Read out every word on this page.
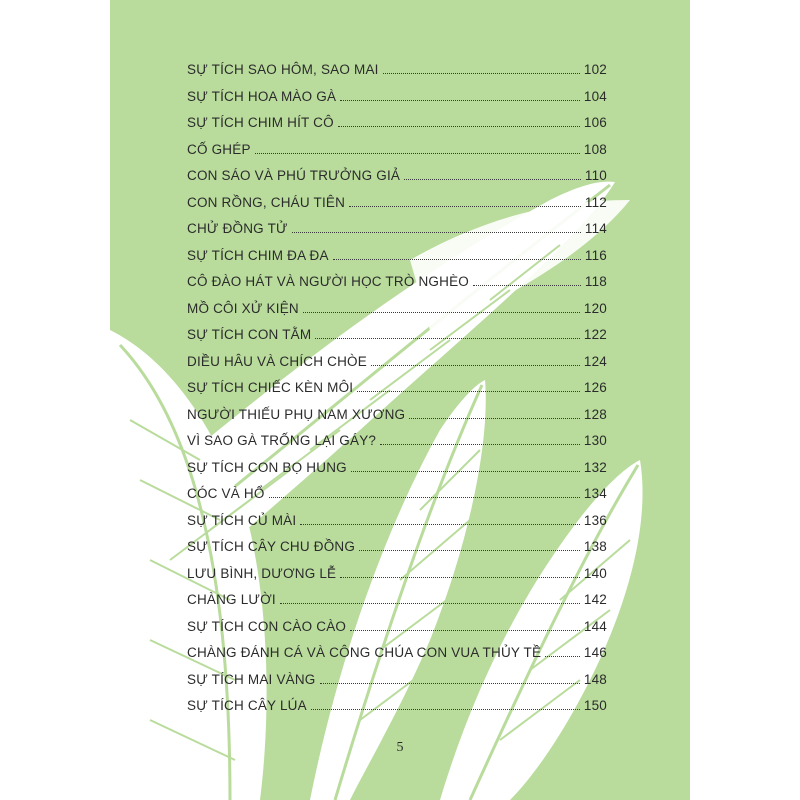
SỰ TÍCH SAO HÔM, SAO MAI	102
SỰ TÍCH HOA MÀO GÀ	104
SỰ TÍCH CHIM HÍT CÔ	106
CỐ GHÉP	108
CON SÁO VÀ PHÚ TRƯỞNG GIẢ	110
CON RỒNG, CHÁU TIÊN	112
CHỬ ĐỒNG TỬ	114
SỰ TÍCH CHIM ĐA ĐA	116
CÔ ĐÀO HÁT VÀ NGƯỜI HỌC TRÒ NGHÈO	118
MỒ CÔI XỬ KIỆN	120
SỰ TÍCH CON TẰM	122
DIỀU HÂU VÀ CHÍCH CHÒE	124
SỰ TÍCH CHIẾC KÈN MÔI	126
NGƯỜI THIẾU PHỤ NAM XƯƠNG	128
VÌ SAO GÀ TRỐNG LẠI GÁY?	130
SỰ TÍCH CON BỌ HUNG	132
CÓC VÀ HỔ	134
SỰ TÍCH CỦ MÀI	136
SỰ TÍCH CÂY CHU ĐỒNG	138
LƯU BÌNH, DƯƠNG LỄ	140
CHÀNG LƯỜI	142
SỰ TÍCH CON CÀO CÀO	144
CHÀNG ĐÁNH CÁ VÀ CÔNG CHÚA CON VUA THỦY TỀ	146
SỰ TÍCH MAI VÀNG	148
SỰ TÍCH CÂY LÚA	150
5
